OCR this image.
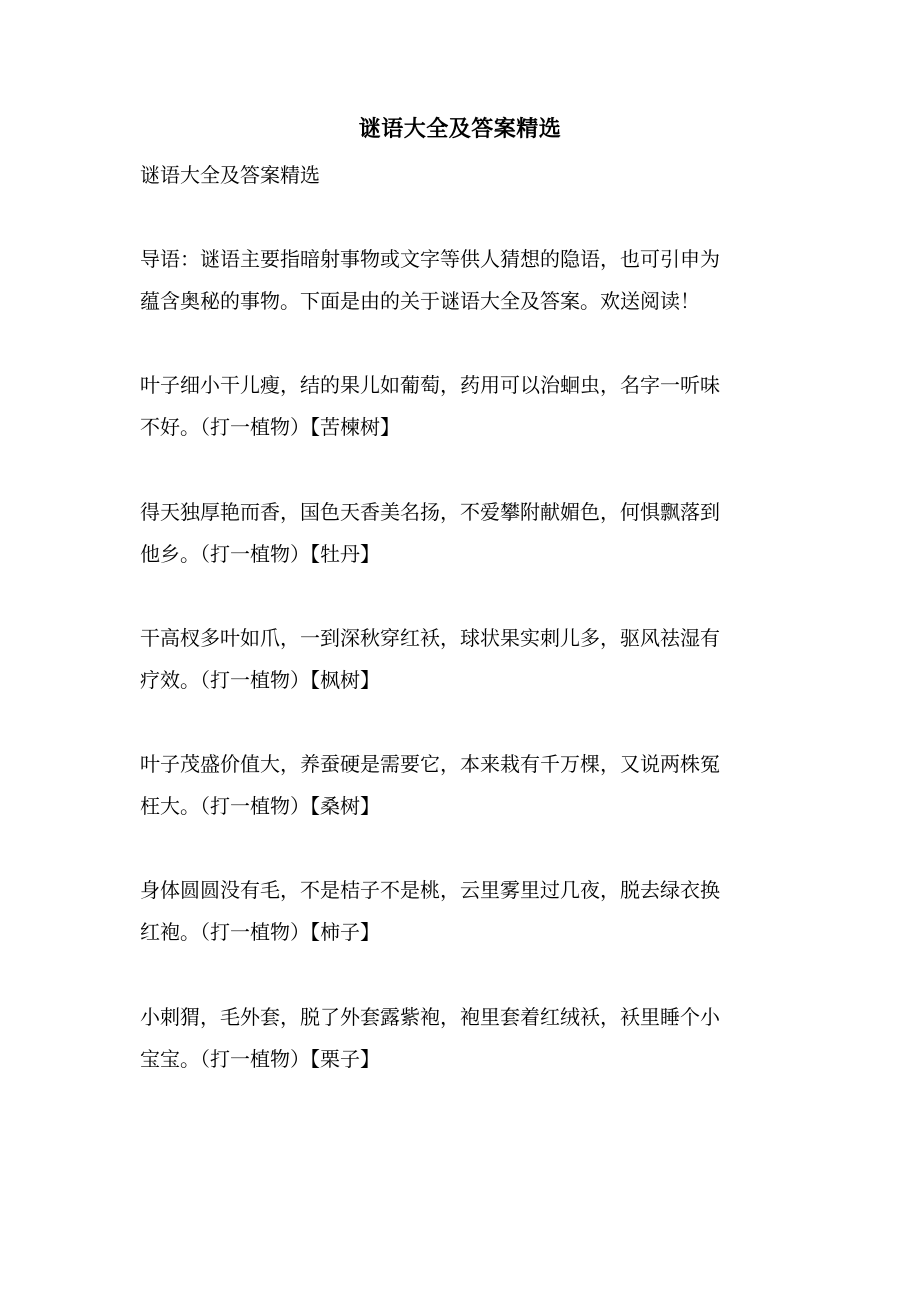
谜语大全及答案精选

谜语大全及答案精选

导语：谜语主要指暗射事物或文字等供人猜想的隐语，也可引申为
蕴含奥秘的事物。下面是由的关于谜语大全及答案。欢送阅读！

叶子细小干儿瘦，结的果儿如葡萄，药用可以治蛔虫，名字一听味
不好。（打一植物）【苦楝树】

得天独厚艳而香，国色天香美名扬，不爱攀附献媚色，何惧飘落到
他乡。（打一植物）【牡丹】

干高杈多叶如爪，一到深秋穿红袄，球状果实刺儿多，驱风祛湿有
疗效。（打一植物）【枫树】

叶子茂盛价值大，养蚕硬是需要它，本来栽有千万棵，又说两株冤
枉大。（打一植物）【桑树】

身体圆圆没有毛，不是桔子不是桃，云里雾里过几夜，脱去绿衣换
红袍。（打一植物）【柿子】

小刺猬，毛外套，脱了外套露紫袍，袍里套着红绒袄，袄里睡个小
宝宝。（打一植物）【栗子】
